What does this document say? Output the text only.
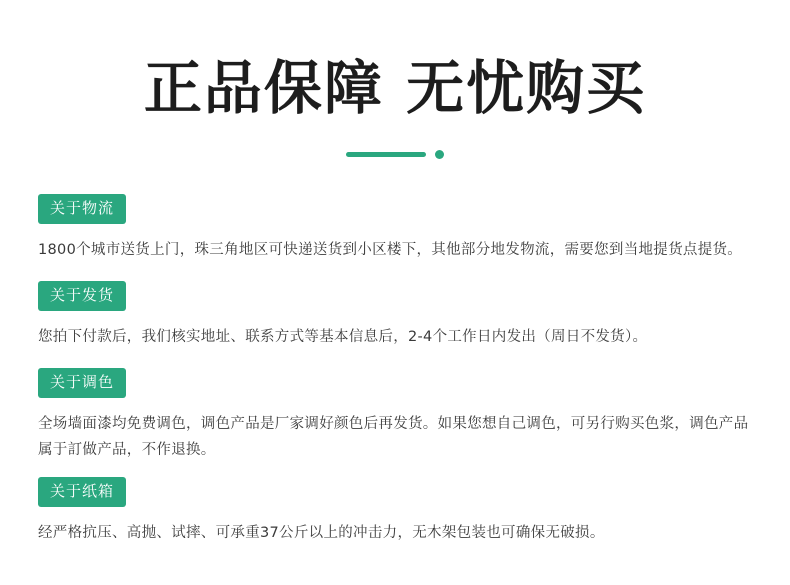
正品保障 无忧购买
关于物流
1800个城市送货上门，珠三角地区可快递送货到小区楼下，其他部分地发物流，需要您到当地提货点提货。
关于发货
您拍下付款后，我们核实地址、联系方式等基本信息后，2-4个工作日内发出（周日不发货）。
关于调色
全场墙面漆均免费调色，调色产品是厂家调好颜色后再发货。如果您想自己调色，可另行购买色浆，调色产品属于訂做产品，不作退换。
关于纸箱
经严格抗压、高抛、试摔、可承重37公斤以上的冲击力，无木架包装也可确保无破损。
